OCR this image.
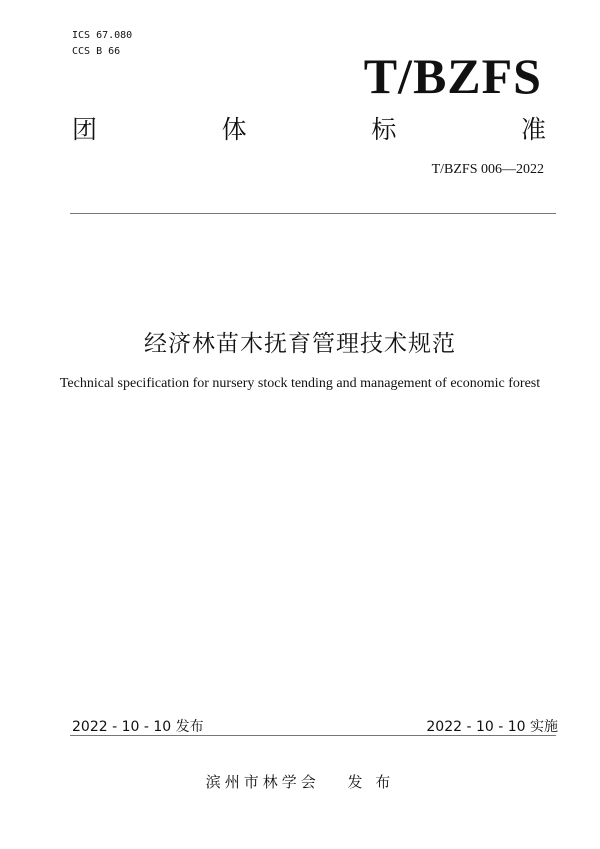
ICS 67.080
CCS B 66	T/BZFS
团	体	标	准
T/BZFS 006—2022
经济林苗木抚育管理技术规范
Technical specification for nursery stock tending and management of economic forest
2022 - 10 - 10 发布	2022 - 10 - 10 实施
滨州市林学会　 发 布
